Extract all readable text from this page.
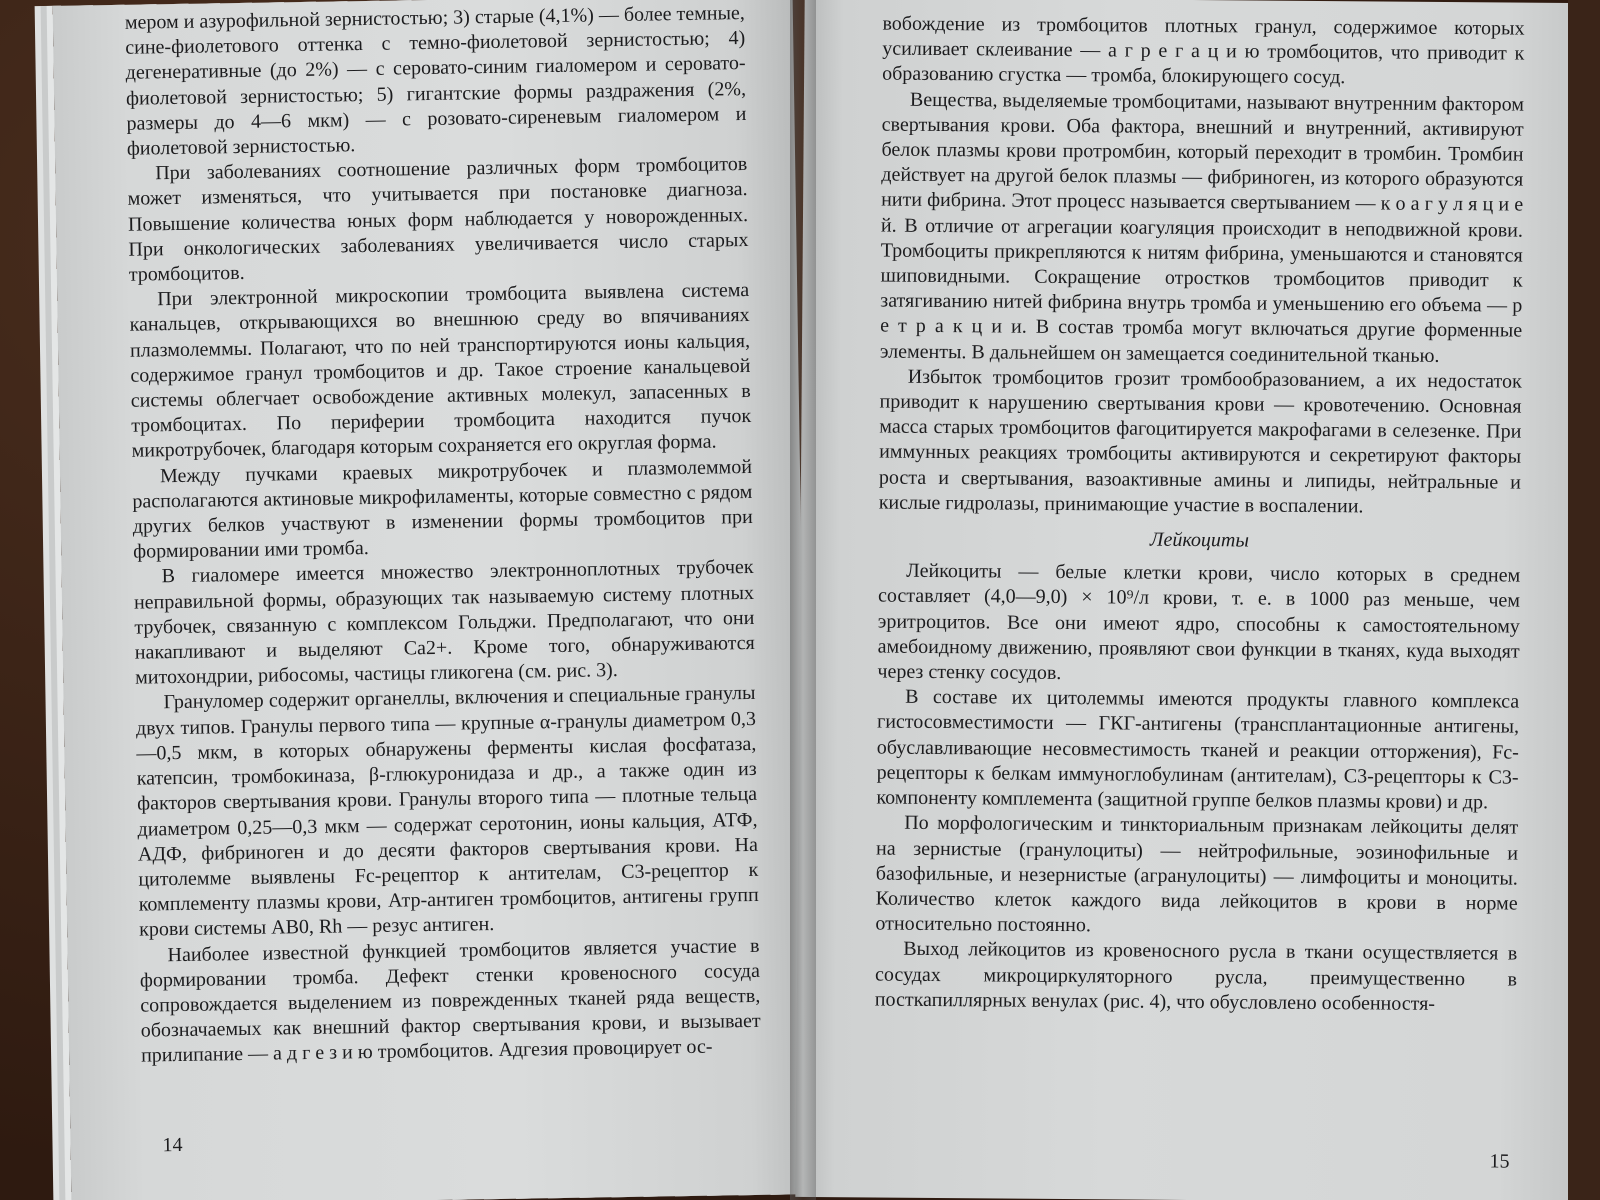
мером и азурофильной зернистостью; 3) старые (4,1%) — более темные, сине-фиолетового оттенка с темно-фиолетовой зернистостью; 4) дегенеративные (до 2%) — с серовато-синим гиаломером и серовато-фиолетовой зернистостью; 5) гигантские формы раздражения (2%, размеры до 4—6 мкм) — с розовато-сиреневым гиаломером и фиолетовой зернистостью.

При заболеваниях соотношение различных форм тромбоцитов может изменяться, что учитывается при постановке диагноза. Повышение количества юных форм наблюдается у новорожденных. При онкологических заболеваниях увеличивается число старых тромбоцитов.

При электронной микроскопии тромбоцита выявлена система канальцев, открывающихся во внешнюю среду во впячиваниях плазмолеммы. Полагают, что по ней транспортируются ионы кальция, содержимое гранул тромбоцитов и др. Такое строение канальцевой системы облегчает освобождение активных молекул, запасенных в тромбоцитах. По периферии тромбоцита находится пучок микротрубочек, благодаря которым сохраняется его округлая форма.

Между пучками краевых микротрубочек и плазмолеммой располагаются актиновые микрофиламенты, которые совместно с рядом других белков участвуют в изменении формы тромбоцитов при формировании ими тромба.

В гиаломере имеется множество электронноплотных трубочек неправильной формы, образующих так называемую систему плотных трубочек, связанную с комплексом Гольджи. Предполагают, что они накапливают и выделяют Ca2+. Кроме того, обнаруживаются митохондрии, рибосомы, частицы гликогена (см. рис. 3).

Грануломер содержит органеллы, включения и специальные гранулы двух типов. Гранулы первого типа — крупные α-гранулы диаметром 0,3—0,5 мкм, в которых обнаружены ферменты кислая фосфатаза, катепсин, тромбокиназа, β-глюкуронидаза и др., а также один из факторов свертывания крови. Гранулы второго типа — плотные тельца диаметром 0,25—0,3 мкм — содержат серотонин, ионы кальция, АТФ, АДФ, фибриноген и до десяти факторов свертывания крови. На цитолемме выявлены Fc-рецептор к антителам, C3-рецептор к комплементу плазмы крови, Атр-антиген тромбоцитов, антигены групп крови системы AB0, Rh — резус антиген.

Наиболее известной функцией тромбоцитов является участие в формировании тромба. Дефект стенки кровеносного сосуда сопровождается выделением из поврежденных тканей ряда веществ, обозначаемых как внешний фактор свертывания крови, и вызывает прилипание — а д г е з и ю тромбоцитов. Адгезия провоцирует ос-

14

вобождение из тромбоцитов плотных гранул, содержимое которых усиливает склеивание — а г р е г а ц и ю тромбоцитов, что приводит к образованию сгустка — тромба, блокирующего сосуд.

Вещества, выделяемые тромбоцитами, называют внутренним фактором свертывания крови. Оба фактора, внешний и внутренний, активируют белок плазмы крови протромбин, который переходит в тромбин. Тромбин действует на другой белок плазмы — фибриноген, из которого образуются нити фибрина. Этот процесс называется свертыванием — к о а г у л я ц и е й. В отличие от агрегации коагуляция происходит в неподвижной крови. Тромбоциты прикрепляются к нитям фибрина, уменьшаются и становятся шиповидными. Сокращение отростков тромбоцитов приводит к затягиванию нитей фибрина внутрь тромба и уменьшению его объема — р е т р а к ц и и. В состав тромба могут включаться другие форменные элементы. В дальнейшем он замещается соединительной тканью.

Избыток тромбоцитов грозит тромбообразованием, а их недостаток приводит к нарушению свертывания крови — кровотечению. Основная масса старых тромбоцитов фагоцитируется макрофагами в селезенке. При иммунных реакциях тромбоциты активируются и секретируют факторы роста и свертывания, вазоактивные амины и липиды, нейтральные и кислые гидролазы, принимающие участие в воспалении.

Лейкоциты

Лейкоциты — белые клетки крови, число которых в среднем составляет (4,0—9,0) × 10⁹/л крови, т. е. в 1000 раз меньше, чем эритроцитов. Все они имеют ядро, способны к самостоятельному амебоидному движению, проявляют свои функции в тканях, куда выходят через стенку сосудов.

В составе их цитолеммы имеются продукты главного комплекса гистосовместимости — ГКГ-антигены (трансплантационные антигены, обуславливающие несовместимость тканей и реакции отторжения), Fc-рецепторы к белкам иммуноглобулинам (антителам), C3-рецепторы к C3-компоненту комплемента (защитной группе белков плазмы крови) и др.

По морфологическим и тинкториальным признакам лейкоциты делят на зернистые (гранулоциты) — нейтрофильные, эозинофильные и базофильные, и незернистые (агранулоциты) — лимфоциты и моноциты. Количество клеток каждого вида лейкоцитов в крови в норме относительно постоянно.

Выход лейкоцитов из кровеносного русла в ткани осуществляется в сосудах микроциркуляторного русла, преимущественно в посткапиллярных венулах (рис. 4), что обусловлено особенностя-

15
